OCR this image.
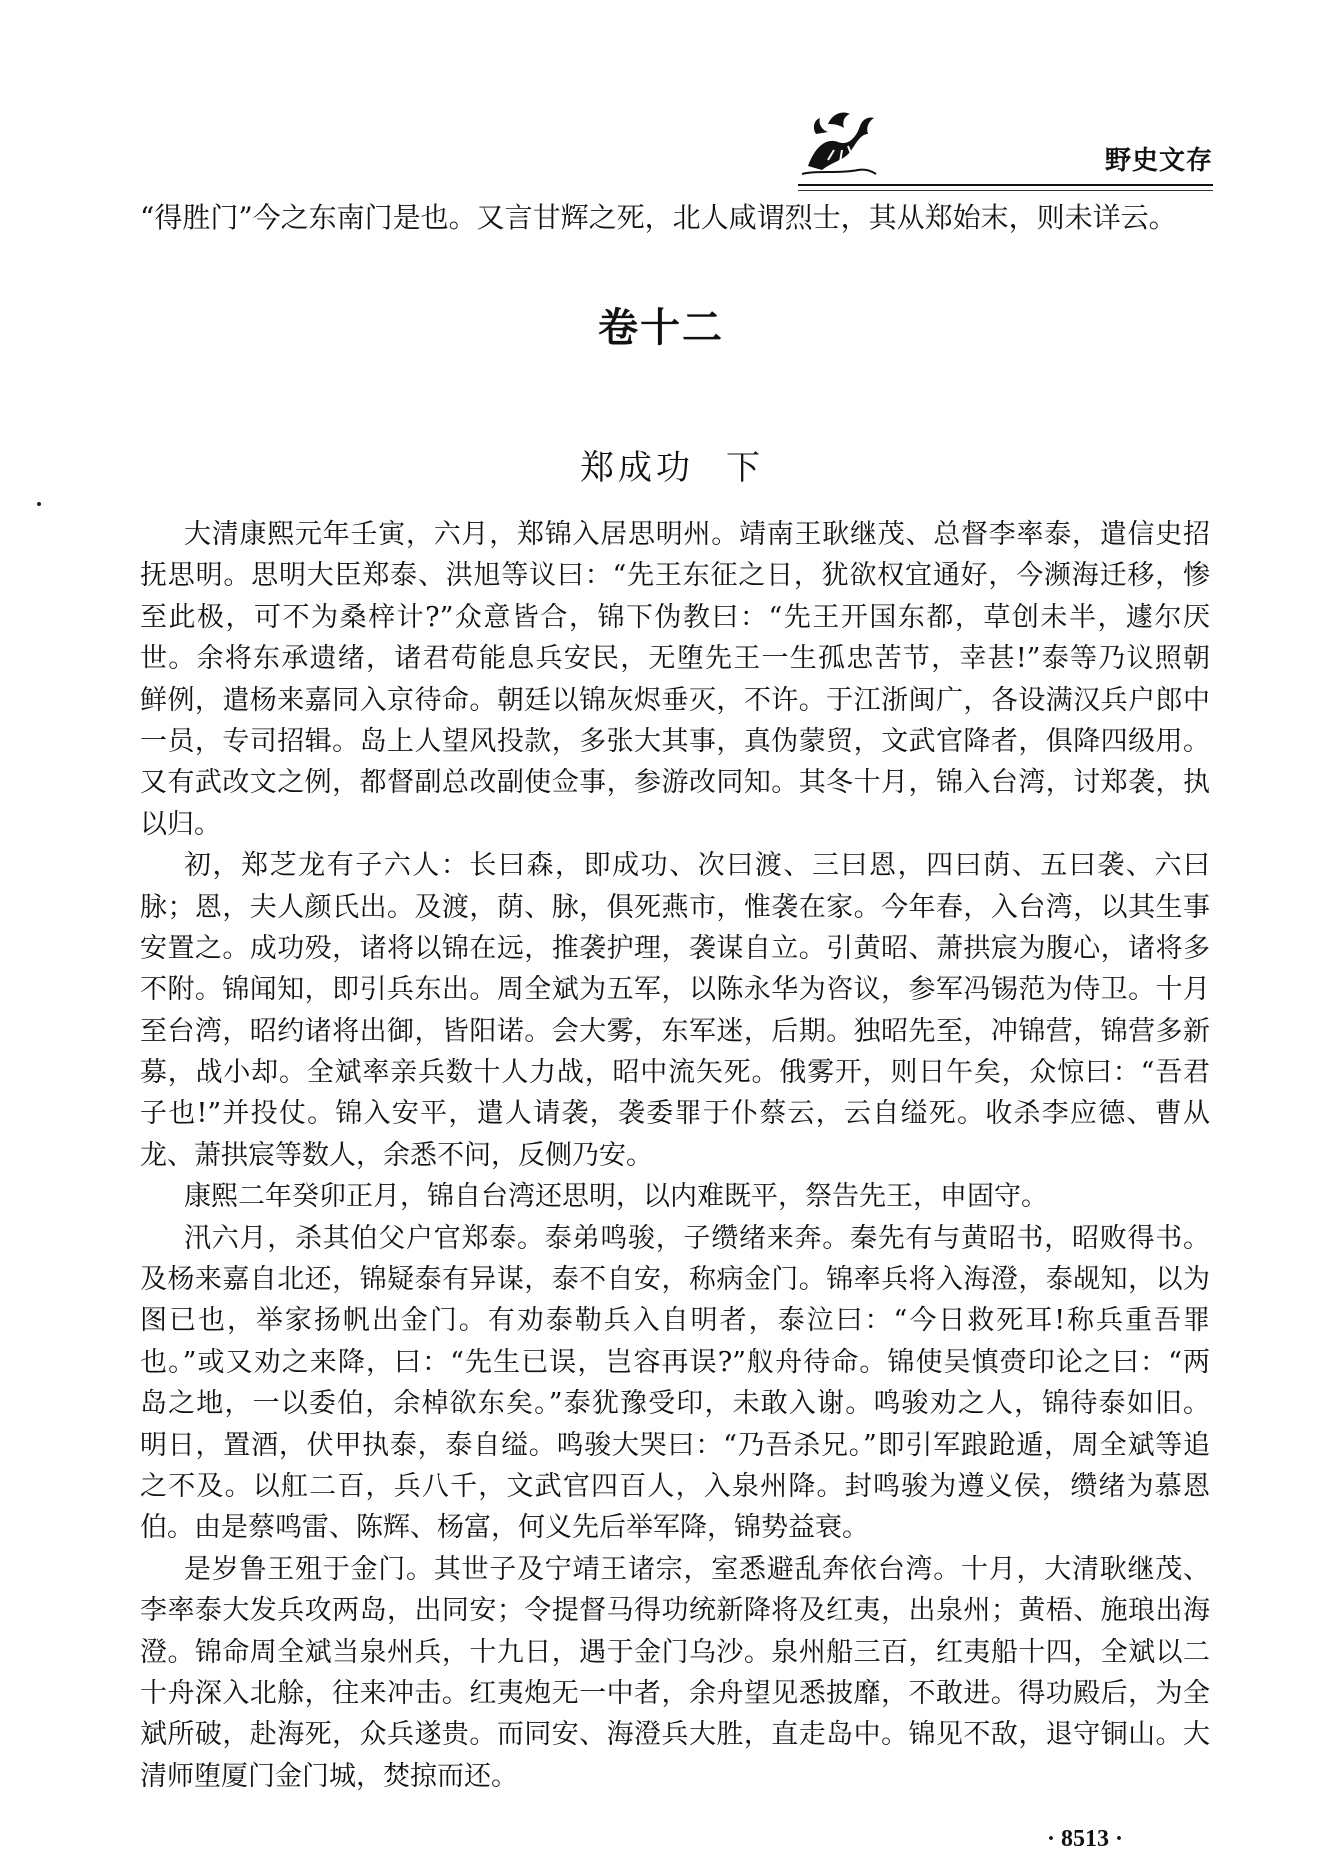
野史文存
“得胜门”今之东南门是也。又言甘辉之死，北人咸谓烈士，其从郑始末，则未详云。
卷十二
郑成功 下
大清康熙元年壬寅，六月，郑锦入居思明州。靖南王耿继茂、总督李率泰，遣信史招
抚思明。思明大臣郑泰、洪旭等议曰：“先王东征之日，犹欲权宜通好，今濒海迁移，惨
至此极，可不为桑梓计?”众意皆合，锦下伪教曰：“先王开国东都，草创未半，遽尔厌
世。余将东承遗绪，诸君苟能息兵安民，无堕先王一生孤忠苦节，幸甚!”泰等乃议照朝
鲜例，遣杨来嘉同入京待命。朝廷以锦灰烬垂灭，不许。于江浙闽广，各设满汉兵户郎中
一员，专司招辑。岛上人望风投款，多张大其事，真伪蒙贸，文武官降者，俱降四级用。
又有武改文之例，都督副总改副使佥事，参游改同知。其冬十月，锦入台湾，讨郑袭，执
以归。
初，郑芝龙有子六人：长曰森，即成功、次曰渡、三曰恩，四曰荫、五曰袭、六曰
脉；恩，夫人颜氏出。及渡，荫、脉，俱死燕市，惟袭在家。今年春，入台湾，以其生事
安置之。成功殁，诸将以锦在远，推袭护理，袭谋自立。引黄昭、萧拱宸为腹心，诸将多
不附。锦闻知，即引兵东出。周全斌为五军，以陈永华为咨议，参军冯锡范为侍卫。十月
至台湾，昭约诸将出御，皆阳诺。会大雾，东军迷，后期。独昭先至，冲锦营，锦营多新
募，战小却。全斌率亲兵数十人力战，昭中流矢死。俄雾开，则日午矣，众惊曰：“吾君
子也!”并投仗。锦入安平，遣人请袭，袭委罪于仆蔡云，云自缢死。收杀李应德、曹从
龙、萧拱宸等数人，余悉不问，反侧乃安。
康熙二年癸卯正月，锦自台湾还思明，以内难既平，祭告先王，申固守。
汛六月，杀其伯父户官郑泰。泰弟鸣骏，子缵绪来奔。秦先有与黄昭书，昭败得书。
及杨来嘉自北还，锦疑泰有异谋，泰不自安，称病金门。锦率兵将入海澄，泰觇知，以为
图已也，举家扬帆出金门。有劝泰勒兵入自明者，泰泣曰：“今日救死耳!称兵重吾罪
也。”或又劝之来降，曰：“先生已误，岂容再误?”舣舟待命。锦使吴慎赍印论之曰：“两
岛之地，一以委伯，余棹欲东矣。”泰犹豫受印，未敢入谢。鸣骏劝之人，锦待泰如旧。
明日，置酒，伏甲执泰，泰自缢。鸣骏大哭曰：“乃吾杀兄。”即引军踉跄遁，周全斌等追
之不及。以舡二百，兵八千，文武官四百人，入泉州降。封鸣骏为遵义侯，缵绪为慕恩
伯。由是蔡鸣雷、陈辉、杨富，何义先后举军降，锦势益衰。
是岁鲁王殂于金门。其世子及宁靖王诸宗，室悉避乱奔依台湾。十月，大清耿继茂、
李率泰大发兵攻两岛，出同安；令提督马得功统新降将及红夷，出泉州；黄梧、施琅出海
澄。锦命周全斌当泉州兵，十九日，遇于金门乌沙。泉州船三百，红夷船十四，全斌以二
十舟深入北艅，往来冲击。红夷炮无一中者，余舟望见悉披靡，不敢进。得功殿后，为全
斌所破，赴海死，众兵遂贵。而同安、海澄兵大胜，直走岛中。锦见不敌，退守铜山。大
清师堕厦门金门城，焚掠而还。
· 8513 ·
